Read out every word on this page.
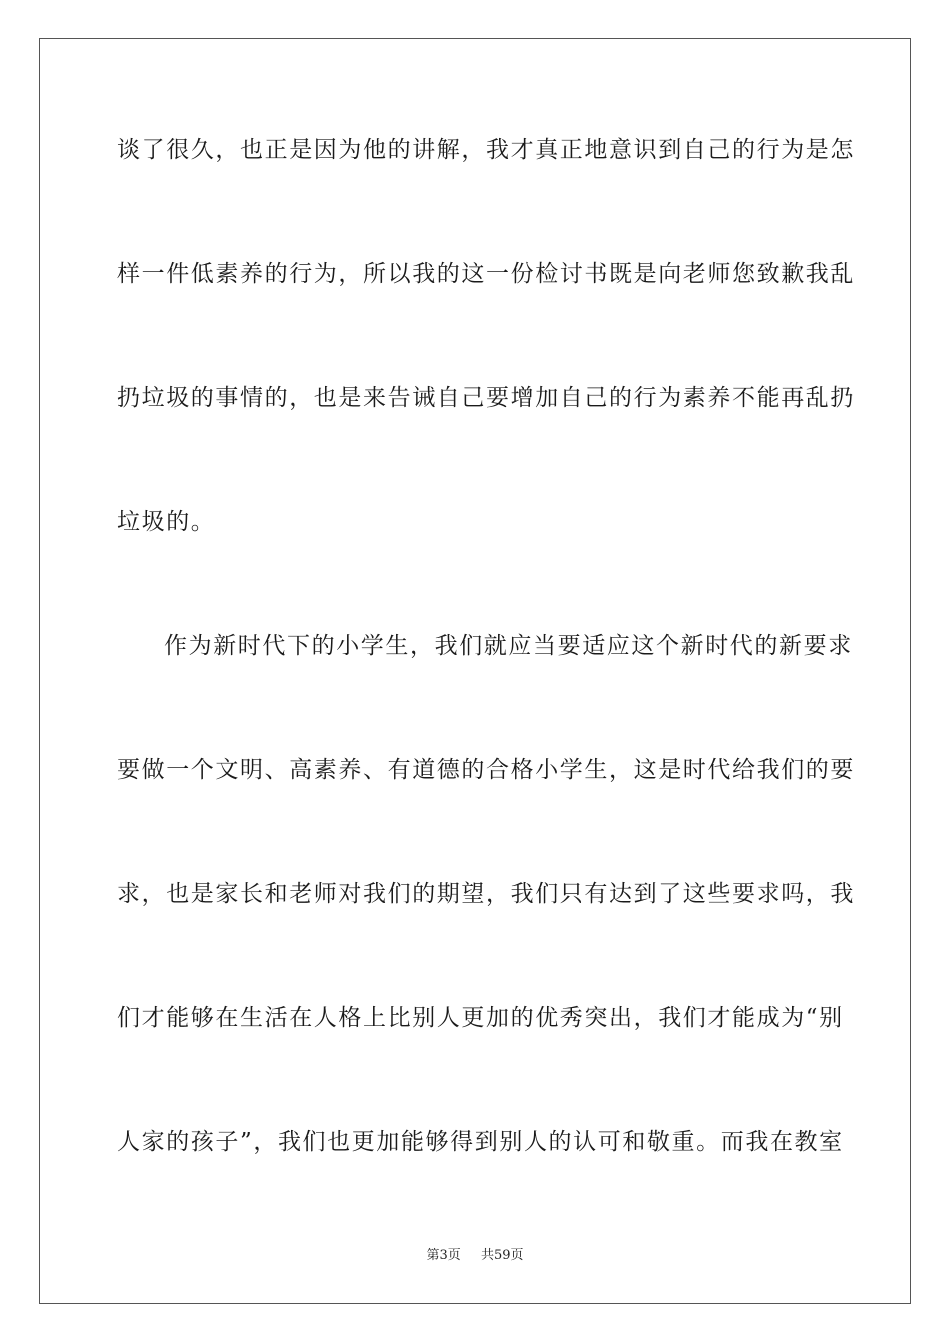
谈了很久，也正是因为他的讲解，我才真正地意识到自己的行为是怎
样一件低素养的行为，所以我的这一份检讨书既是向老师您致歉我乱
扔垃圾的事情的，也是来告诫自己要增加自己的行为素养不能再乱扔
垃圾的。
作为新时代下的小学生，我们就应当要适应这个新时代的新要求
要做一个文明、高素养、有道德的合格小学生，这是时代给我们的要
求，也是家长和老师对我们的期望，我们只有达到了这些要求吗，我
们才能够在生活在人格上比别人更加的优秀突出，我们才能成为“别
人家的孩子”，我们也更加能够得到别人的认可和敬重。而我在教室
第3页 共59页
